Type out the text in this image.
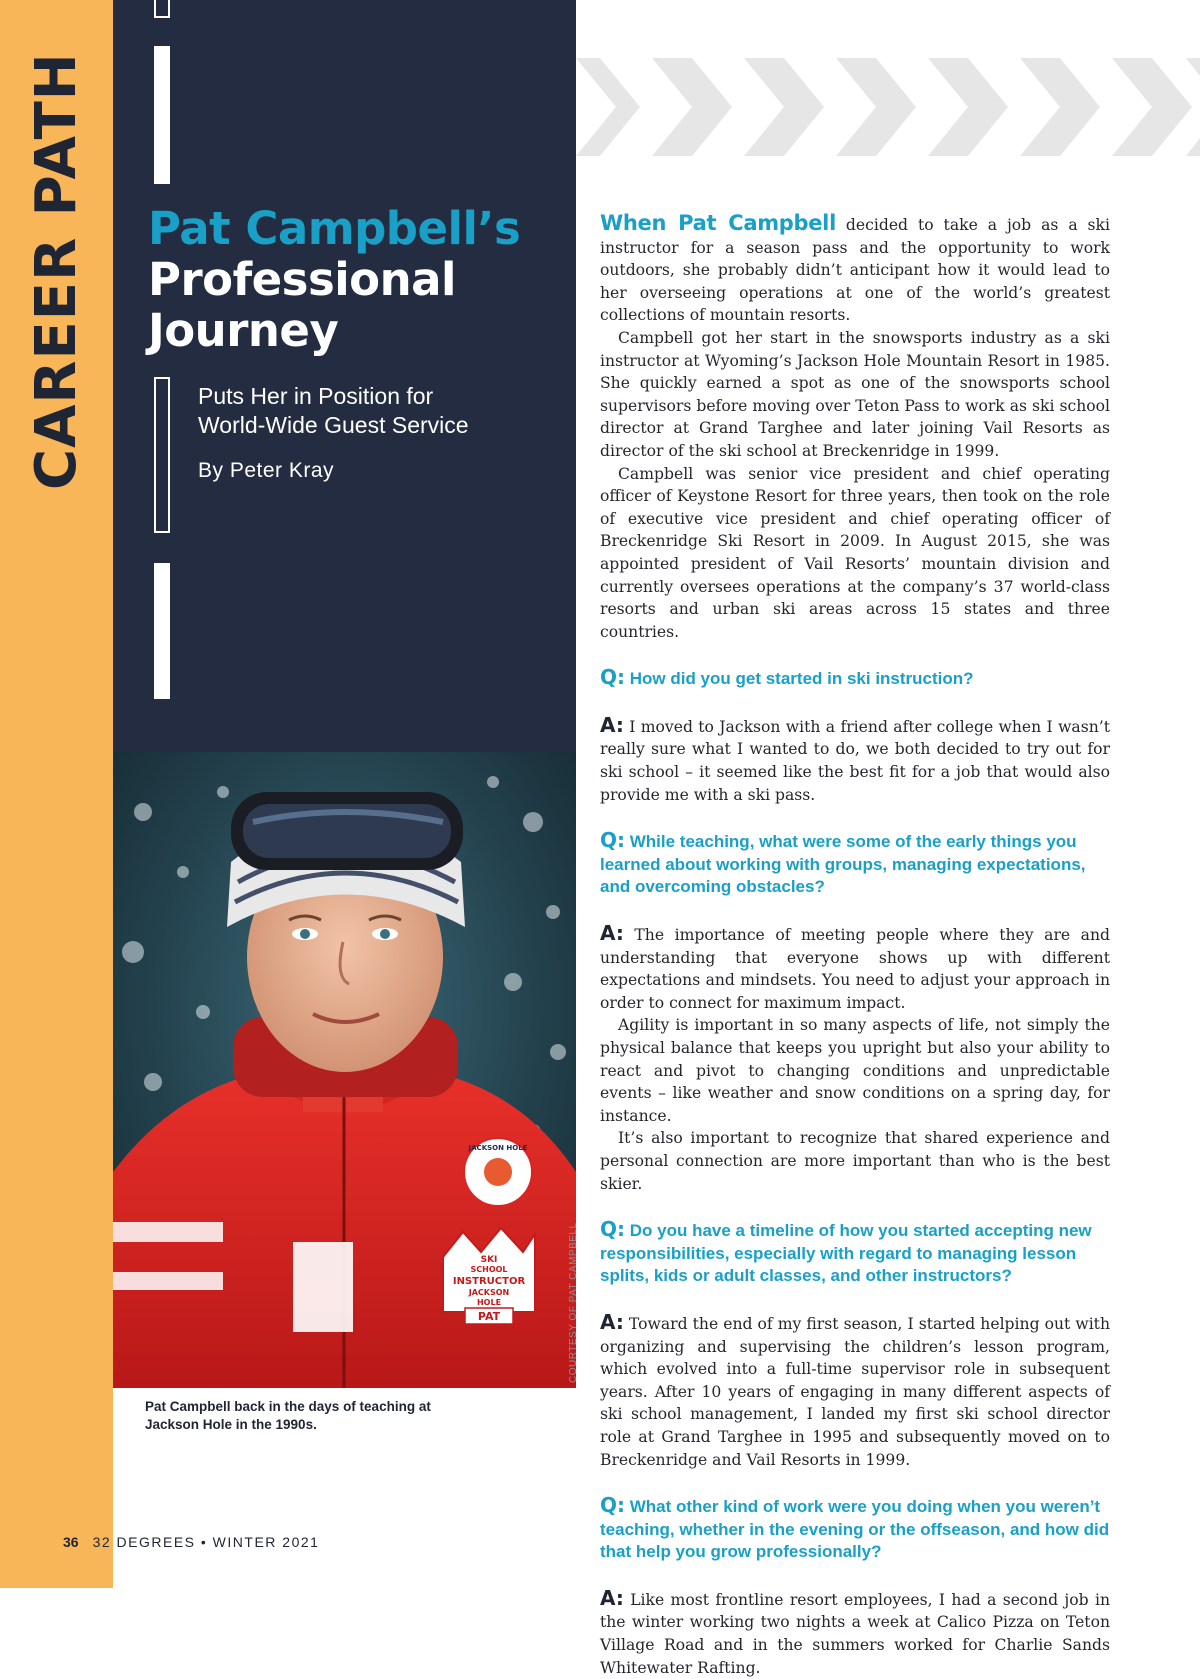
CAREER PATH
36 32 DEGREES • WINTER 2021
Pat Campbell’s
Professional
Journey
Puts Her in Position for
World-Wide Guest Service
By Peter Kray
JACKSON HOLE
SKI
SCHOOL
INSTRUCTOR
JACKSON
HOLE
PAT	COURTESY OF PAT CAMPBELL
Pat Campbell back in the days of teaching at Jackson Hole in the 1990s.

When Pat Campbell decided to take a job as a ski instructor for a season pass and the opportunity to work outdoors, she probably didn’t anticipant how it would lead to her overseeing operations at one of the world’s greatest collections of mountain resorts.

Campbell got her start in the snowsports industry as a ski instructor at Wyoming’s Jackson Hole Mountain Resort in 1985. She quickly earned a spot as one of the snowsports school supervisors before moving over Teton Pass to work as ski school director at Grand Targhee and later joining Vail Resorts as director of the ski school at Breckenridge in 1999.

Campbell was senior vice president and chief operating officer of Keystone Resort for three years, then took on the role of executive vice president and chief operating officer of Breckenridge Ski Resort in 2009. In August 2015, she was appointed president of Vail Resorts’ mountain division and currently oversees operations at the company’s 37 world-class resorts and urban ski areas across 15 states and three countries.

Q: How did you get started in ski instruction?

A: I moved to Jackson with a friend after college when I wasn’t really sure what I wanted to do, we both decided to try out for ski school – it seemed like the best fit for a job that would also provide me with a ski pass.

Q: While teaching, what were some of the early things you learned about working with groups, managing expectations, and overcoming obstacles?

A: The importance of meeting people where they are and understanding that everyone shows up with different expectations and mindsets. You need to adjust your approach in order to connect for maximum impact.

Agility is important in so many aspects of life, not simply the physical balance that keeps you upright but also your ability to react and pivot to changing conditions and unpredictable events – like weather and snow conditions on a spring day, for instance.

It’s also important to recognize that shared experience and personal connection are more important than who is the best skier.

Q: Do you have a timeline of how you started accepting new responsibilities, especially with regard to managing lesson splits, kids or adult classes, and other instructors?

A: Toward the end of my first season, I started helping out with organizing and supervising the children’s lesson program, which evolved into a full-time supervisor role in subsequent years. After 10 years of engaging in many different aspects of ski school management, I landed my first ski school director role at Grand Targhee in 1995 and subsequently moved on to Breckenridge and Vail Resorts in 1999.

Q: What other kind of work were you doing when you weren’t teaching, whether in the evening or the offseason, and how did that help you grow professionally?

A: Like most frontline resort employees, I had a second job in the winter working two nights a week at Calico Pizza on Teton Village Road and in the summers worked for Charlie Sands Whitewater Rafting.
